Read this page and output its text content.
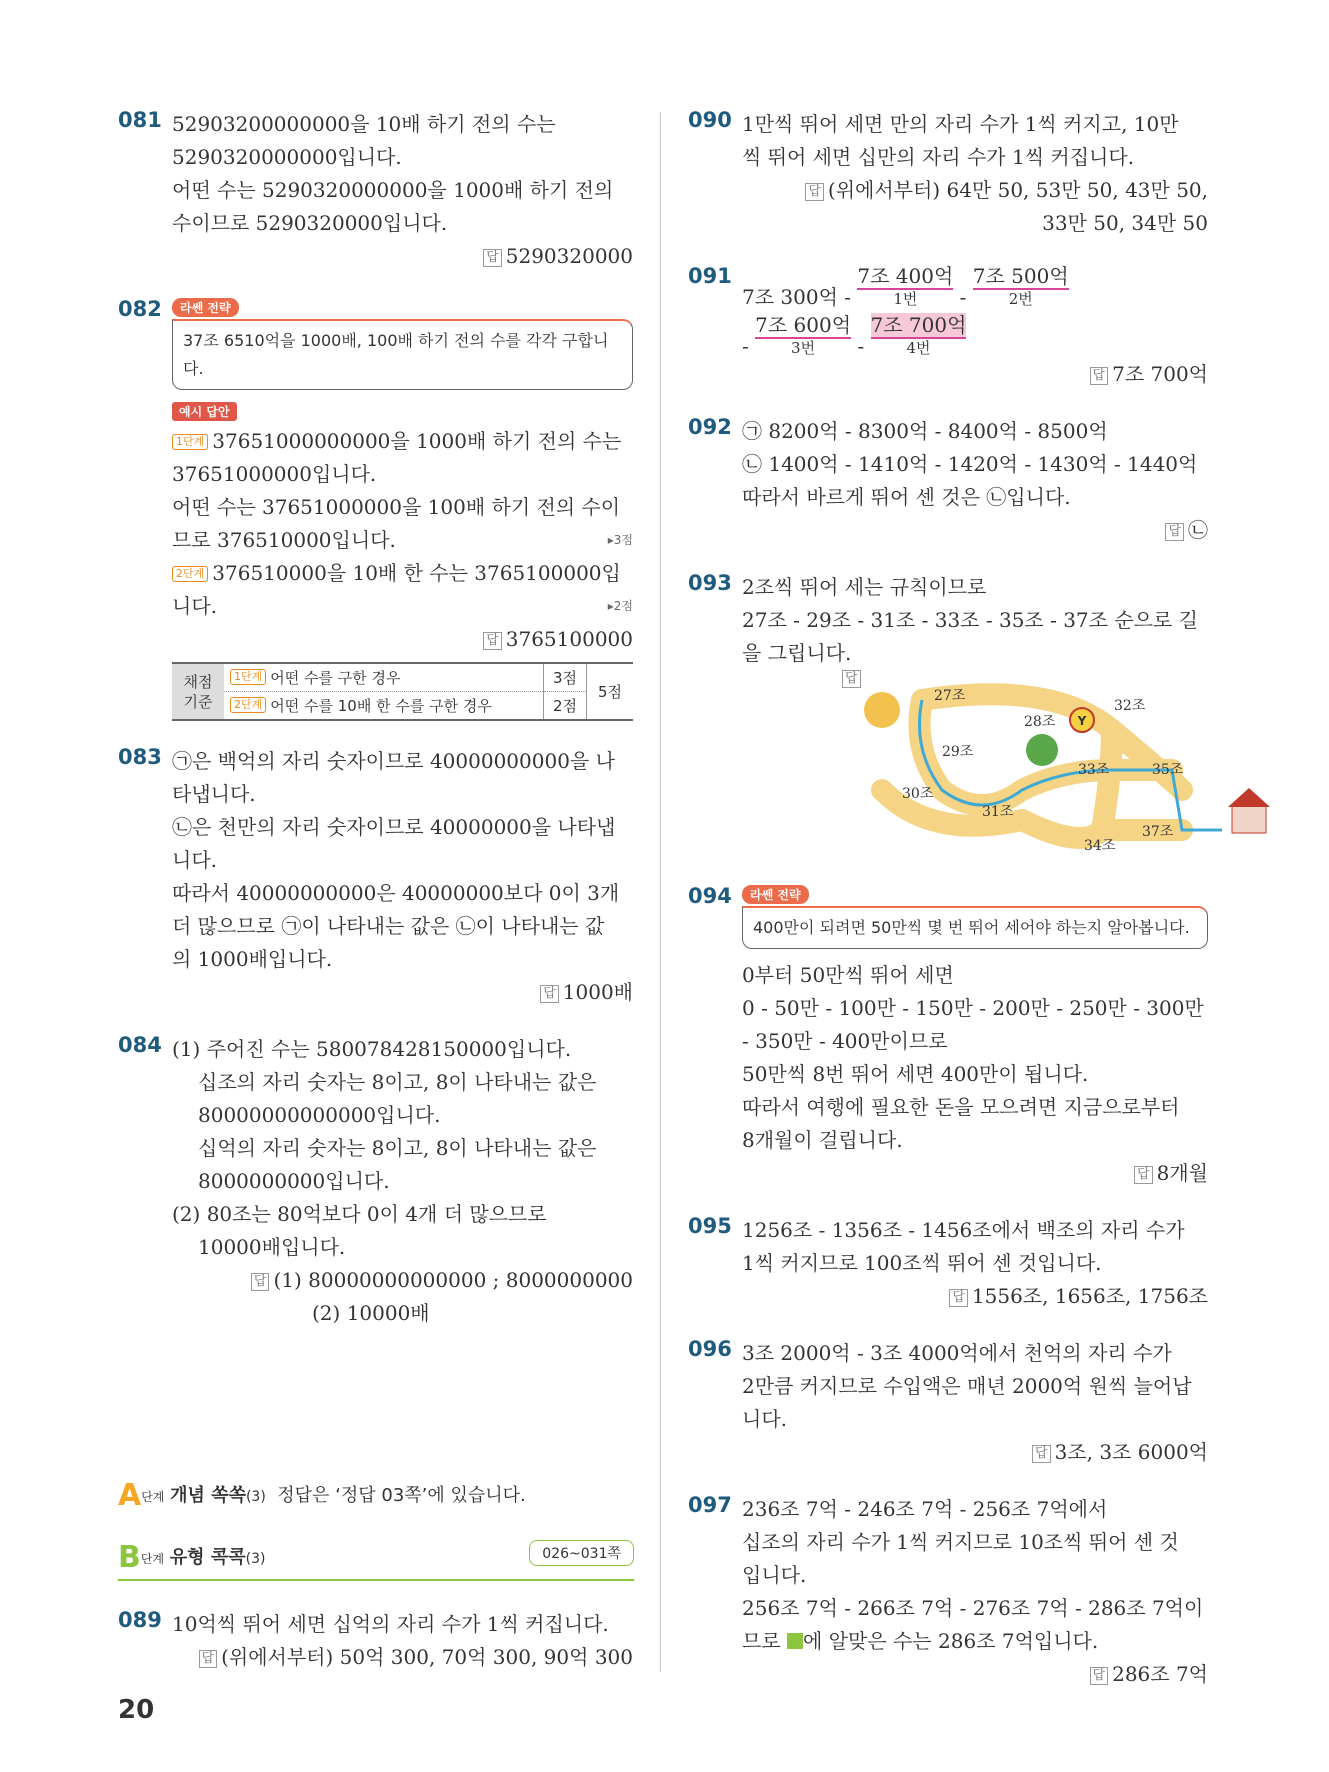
081 52903200000000을 10배 하기 전의 수는
5290320000000입니다.
어떤 수는 5290320000000을 1000배 하기 전의
수이므로 5290320000입니다.
답 5290320000
082 라쎈 전략
37조 6510억을 1000배, 100배 하기 전의 수를 각각 구합니다.
예시 답안
1단계 37651000000000을 1000배 하기 전의 수는
37651000000입니다.
어떤 수는 37651000000을 100배 하기 전의 수이
므로 376510000입니다.	▸3점
2단계 376510000을 10배 한 수는 3765100000입
니다.	▸2점
답 3765100000
채점
기준	1단계 어떤 수를 구한 경우	3점	5점
	2단계 어떤 수를 10배 한 수를 구한 경우	2점	
083 ㉠은 백억의 자리 숫자이므로 40000000000을 나
타냅니다.
㉡은 천만의 자리 숫자이므로 40000000을 나타냅
니다.
따라서 40000000000은 40000000보다 0이 3개
더 많으므로 ㉠이 나타내는 값은 ㉡이 나타내는 값
의 1000배입니다.
답 1000배
084 (1) 주어진 수는 580078428150000입니다.
십조의 자리 숫자는 8이고, 8이 나타내는 값은
80000000000000입니다.
십억의 자리 숫자는 8이고, 8이 나타내는 값은
8000000000입니다.
(2) 80조는 80억보다 0이 4개 더 많으므로
10000배입니다.
답 (1) 80000000000000 ; 8000000000
(2) 10000배
A단계 개념 쏙쏙(3) 정답은 ‘정답 03쪽’에 있습니다.
B단계 유형 콕콕(3)	026~031쪽
089 10억씩 뛰어 세면 십억의 자리 수가 1씩 커집니다.
답 (위에서부터) 50억 300, 70억 300, 90억 300
090 1만씩 뛰어 세면 만의 자리 수가 1씩 커지고, 10만
씩 뛰어 세면 십만의 자리 수가 1씩 커집니다.
답 (위에서부터) 64만 50, 53만 50, 43만 50,
33만 50, 34만 50
091
7조 300억 -
7조 400억
1번	-
7조 500억
2번
-
7조 600억
3번	-
7조 700억
4번
답 7조 700억
092 ㉠ 8200억 - 8300억 - 8400억 - 8500억
㉡ 1400억 - 1410억 - 1420억 - 1430억 - 1440억
따라서 바르게 뛰어 센 것은 ㉡입니다.
답 ㉡
093 2조씩 뛰어 세는 규칙이므로
27조 - 29조 - 31조 - 33조 - 35조 - 37조 순으로 길
을 그립니다.
답
Y
27조
28조
29조
30조
31조
32조
33조
34조
35조
37조
094 라쎈 전략
400만이 되려면 50만씩 몇 번 뛰어 세어야 하는지 알아봅니다.
0부터 50만씩 뛰어 세면
0 - 50만 - 100만 - 150만 - 200만 - 250만 - 300만
- 350만 - 400만이므로
50만씩 8번 뛰어 세면 400만이 됩니다.
따라서 여행에 필요한 돈을 모으려면 지금으로부터
8개월이 걸립니다.
답 8개월
095 1256조 - 1356조 - 1456조에서 백조의 자리 수가
1씩 커지므로 100조씩 뛰어 센 것입니다.
답 1556조, 1656조, 1756조
096 3조 2000억 - 3조 4000억에서 천억의 자리 수가
2만큼 커지므로 수입액은 매년 2000억 원씩 늘어납
니다.
답 3조, 3조 6000억
097 236조 7억 - 246조 7억 - 256조 7억에서
십조의 자리 수가 1씩 커지므로 10조씩 뛰어 센 것
입니다.
256조 7억 - 266조 7억 - 276조 7억 - 286조 7억이
므로 에 알맞은 수는 286조 7억입니다.
답 286조 7억
20
